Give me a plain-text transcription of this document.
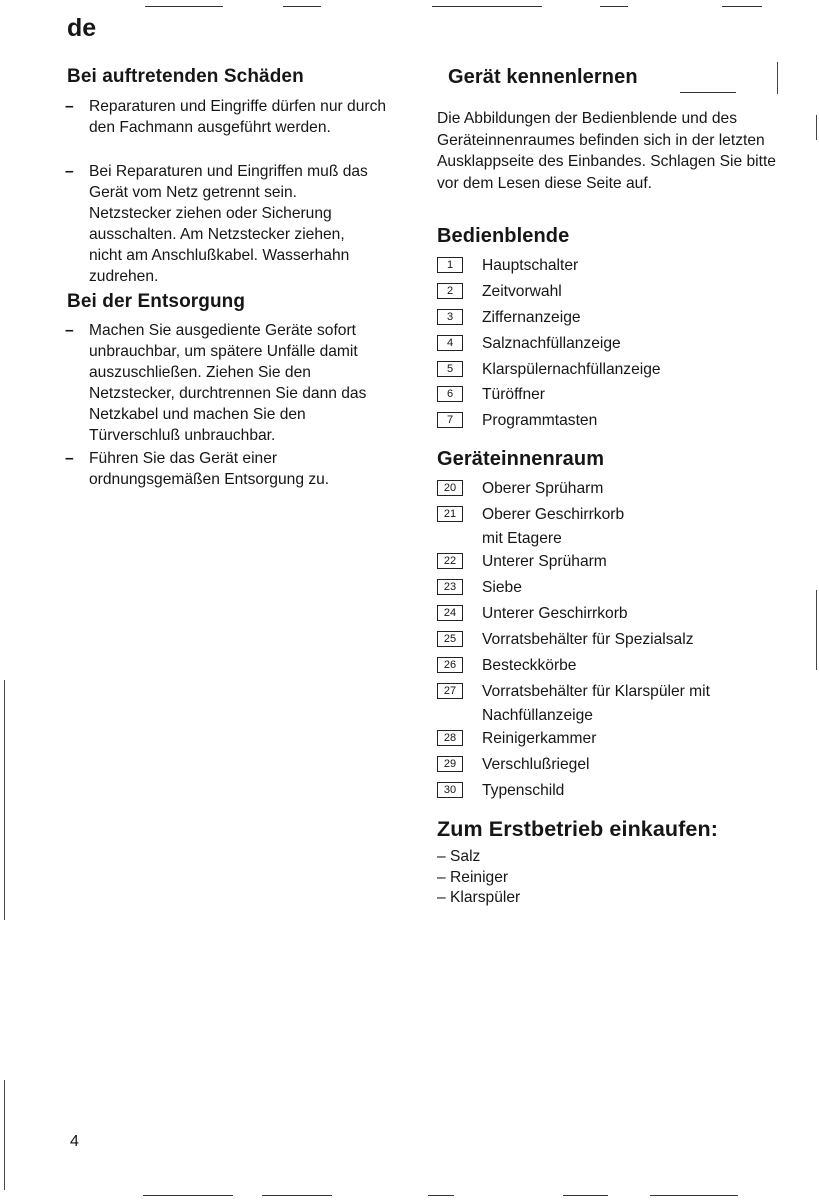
de
Bei auftretenden Schäden
– Reparaturen und Eingriffe dürfen nur durch den Fachmann ausgeführt werden.
– Bei Reparaturen und Eingriffen muß das Gerät vom Netz getrennt sein. Netzstecker ziehen oder Sicherung ausschalten. Am Netzstecker ziehen, nicht am Anschlußkabel. Wasserhahn zudrehen.
Bei der Entsorgung
– Machen Sie ausgediente Geräte sofort unbrauchbar, um spätere Unfälle damit auszuschließen. Ziehen Sie den Netzstecker, durchtrennen Sie dann das Netzkabel und machen Sie den Türverschluß unbrauchbar.
– Führen Sie das Gerät einer ordnungsgemäßen Entsorgung zu.
Gerät kennenlernen
Die Abbildungen der Bedienblende und des Geräteinnenraumes befinden sich in der letzten Ausklappseite des Einbandes. Schlagen Sie bitte vor dem Lesen diese Seite auf.
Bedienblende
1	Hauptschalter
2	Zeitvorwahl
3	Ziffernanzeige
4	Salznachfüllanzeige
5	Klarspülernachfüllanzeige
6	Türöffner
7	Programmtasten
Geräteinnenraum
20	Oberer Sprüharm
21	Oberer Geschirrkorb
mit Etagere
22	Unterer Sprüharm
23	Siebe
24	Unterer Geschirrkorb
25	Vorratsbehälter für Spezialsalz
26	Besteckkörbe
27	Vorratsbehälter für Klarspüler mit
Nachfüllanzeige
28	Reinigerkammer
29	Verschlußriegel
30	Typenschild
Zum Erstbetrieb einkaufen:
– Salz
– Reiniger
– Klarspüler
4
